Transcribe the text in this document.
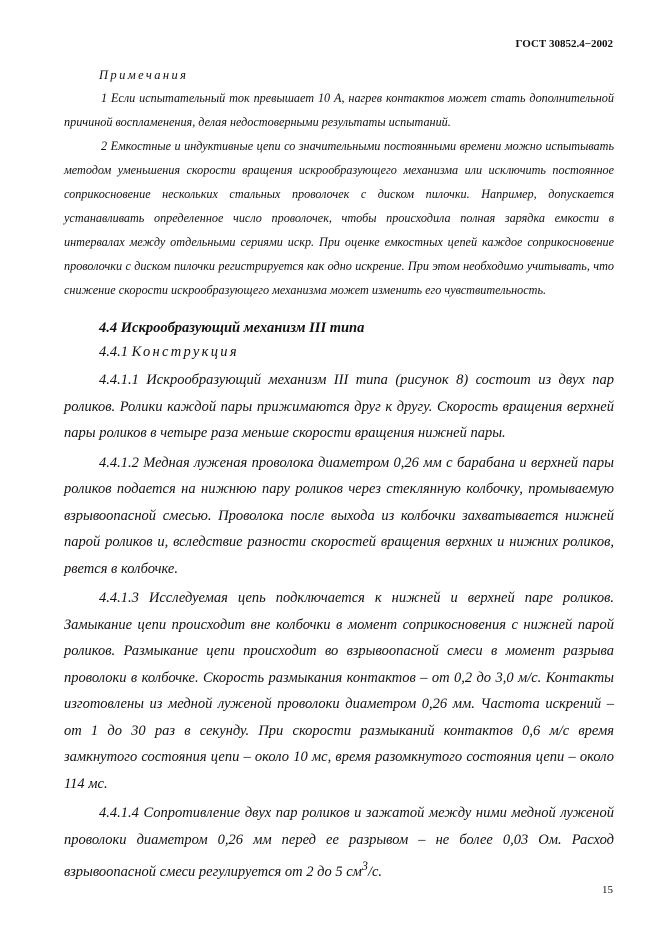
ГОСТ 30852.4−2002
Примечания

1 Если испытательный ток превышает 10 А, нагрев контактов может стать дополнительной причиной воспламенения, делая недостоверными результаты испытаний.

2 Емкостные и индуктивные цепи со значительными постоянными времени можно испытывать методом уменьшения скорости вращения искрообразующего механизма или исключить постоянное соприкосновение нескольких стальных проволочек с диском пилочки. Например, допускается устанавливать определенное число проволочек, чтобы происходила полная зарядка емкости в интервалах между отдельными сериями искр. При оценке емкостных цепей каждое соприкосновение проволочки с диском пилочки регистрируется как одно искрение. При этом необходимо учитывать, что снижение скорости искрообразующего механизма может изменить его чувствительность.

4.4 Искрообразующий механизм III типа
4.4.1 Конструкция

4.4.1.1 Искрообразующий механизм III типа (рисунок 8) состоит из двух пар роликов. Ролики каждой пары прижимаются друг к другу. Скорость вращения верхней пары роликов в четыре раза меньше скорости вращения нижней пары.

4.4.1.2 Медная луженая проволока диаметром 0,26 мм с барабана и верхней пары роликов подается на нижнюю пару роликов через стеклянную колбочку, промываемую взрывоопасной смесью. Проволока после выхода из колбочки захватывается нижней парой роликов и, вследствие разности скоростей вращения верхних и нижних роликов, рвется в колбочке.

4.4.1.3 Исследуемая цепь подключается к нижней и верхней паре роликов. Замыкание цепи происходит вне колбочки в момент соприкосновения с нижней парой роликов. Размыкание цепи происходит во взрывоопасной смеси в момент разрыва проволоки в колбочке. Скорость размыкания контактов – от 0,2 до 3,0 м/с. Контакты изготовлены из медной луженой проволоки диаметром 0,26 мм. Частота искрений – от 1 до 30 раз в секунду. При скорости размыканий контактов 0,6 м/с время замкнутого состояния цепи – около 10 мс, время разомкнутого состояния цепи – около 114 мс.

4.4.1.4 Сопротивление двух пар роликов и зажатой между ними медной луженой проволоки диаметром 0,26 мм перед ее разрывом – не более 0,03 Ом. Расход взрывоопасной смеси регулируется от 2 до 5 $см^3/с$.

15
